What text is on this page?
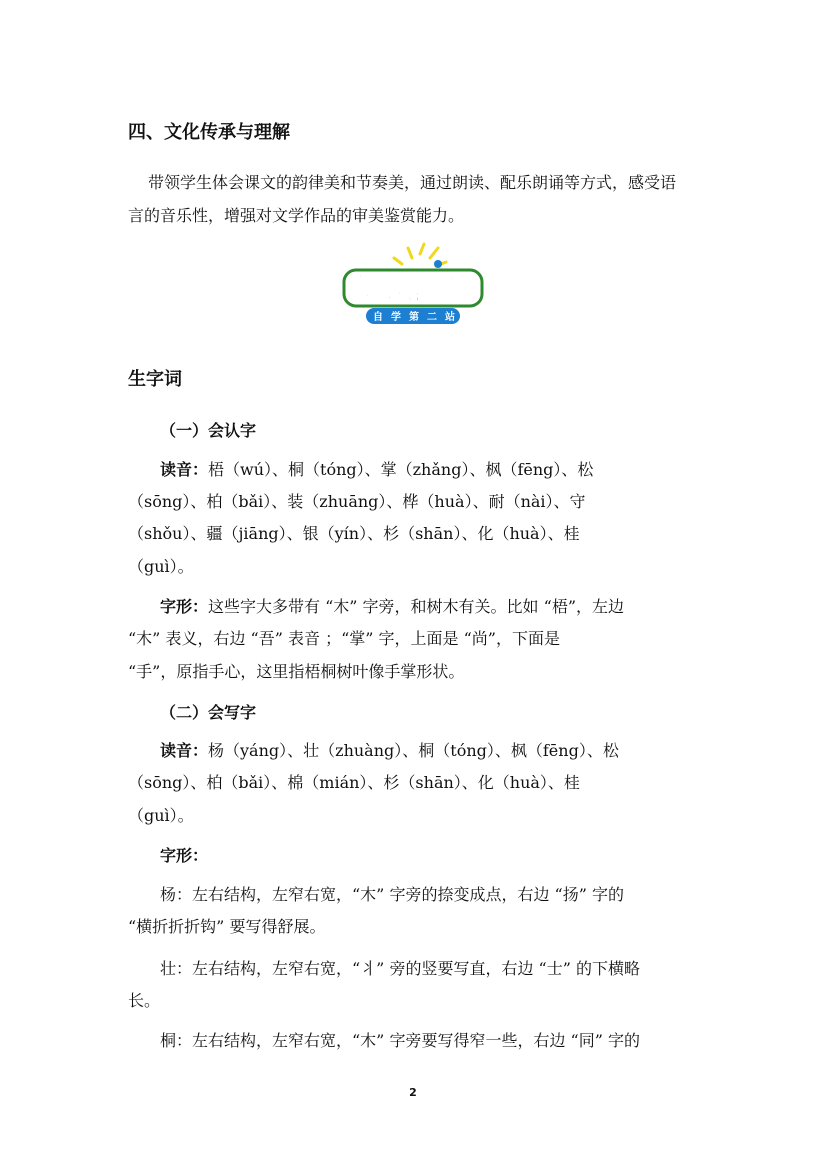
四、文化传承与理解
带领学生体会课文的韵律美和节奏美，通过朗读、配乐朗诵等方式，感受语
言的音乐性，增强对文学作品的审美鉴赏能力。
知识清单
自 学 第 二 站
生字词
（一）会认字
读音：梧（wú）、桐（tóng）、掌（zhǎng）、枫（fēng）、松
（sōng）、柏（bǎi）、装（zhuāng）、桦（huà）、耐（nài）、守
（shǒu）、疆（jiāng）、银（yín）、杉（shān）、化（huà）、桂
（guì）。
字形：这些字大多带有 “木” 字旁，和树木有关。比如 “梧”，左边
“木” 表义，右边 “吾” 表音 ；“掌” 字，上面是 “尚”，下面是
“手”，原指手心，这里指梧桐树叶像手掌形状。
（二）会写字
读音：杨（yáng）、壮（zhuàng）、桐（tóng）、枫（fēng）、松
（sōng）、柏（bǎi）、棉（mián）、杉（shān）、化（huà）、桂
（guì）。
字形：
杨：左右结构，左窄右宽，“木” 字旁的捺变成点，右边 “扬” 字的
“横折折折钩” 要写得舒展。
壮：左右结构，左窄右宽，“丬” 旁的竖要写直，右边 “士” 的下横略
长。
桐：左右结构，左窄右宽，“木” 字旁要写得窄一些，右边 “同” 字的
2
